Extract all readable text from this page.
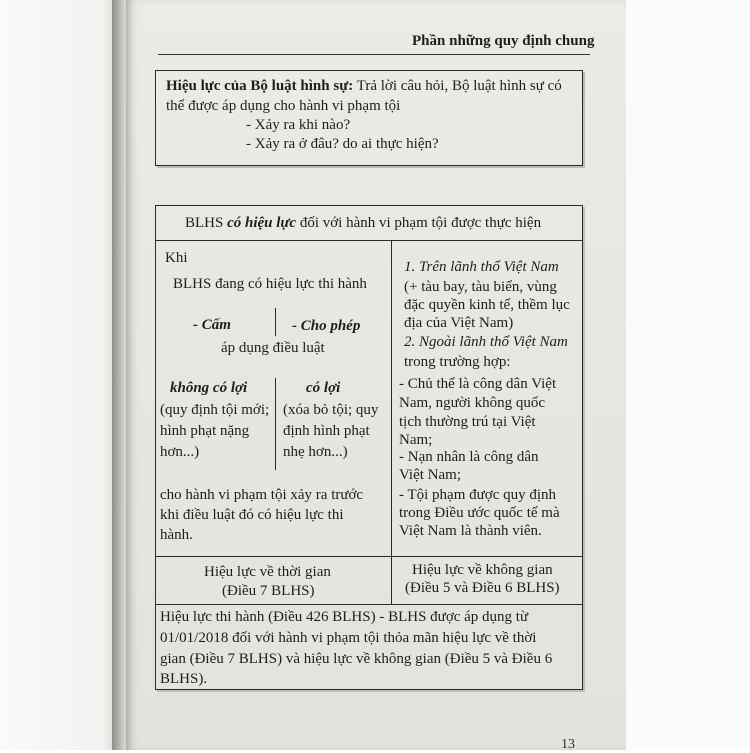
Phần những quy định chung
Hiệu lực của Bộ luật hình sự: Trả lời câu hỏi, Bộ luật hình sự có
thể được áp dụng cho hành vi phạm tội
- Xảy ra khi nào?
- Xảy ra ở đâu? do ai thực hiện?
BLHS có hiệu lực đối với hành vi phạm tội được thực hiện
Khi
BLHS đang có hiệu lực thi hành
- Cấm	- Cho phép
áp dụng điều luật
không có lợi	có lợi
(quy định tội mới;
hình phạt nặng
hơn...)
(xóa bỏ tội; quy
định hình phạt
nhẹ hơn...)
cho hành vi phạm tội xảy ra trước
khi điều luật đó có hiệu lực thi
hành.
Hiệu lực về thời gian
(Điều 7 BLHS)
1. Trên lãnh thổ Việt Nam
(+ tàu bay, tàu biển, vùng
đặc quyền kinh tế, thềm lục
địa của Việt Nam)
2. Ngoài lãnh thổ Việt Nam
trong trường hợp:
- Chủ thể là công dân Việt
Nam, người không quốc
tịch thường trú tại Việt
Nam;
- Nạn nhân là công dân
Việt Nam;
- Tội phạm được quy định
trong Điều ước quốc tế mà
Việt Nam là thành viên.
Hiệu lực về không gian
(Điều 5 và Điều 6 BLHS)
Hiệu lực thi hành (Điều 426 BLHS) - BLHS được áp dụng từ
01/01/2018 đối với hành vi phạm tội thỏa mãn hiệu lực về thời
gian (Điều 7 BLHS) và hiệu lực về không gian (Điều 5 và Điều 6
BLHS).
13
